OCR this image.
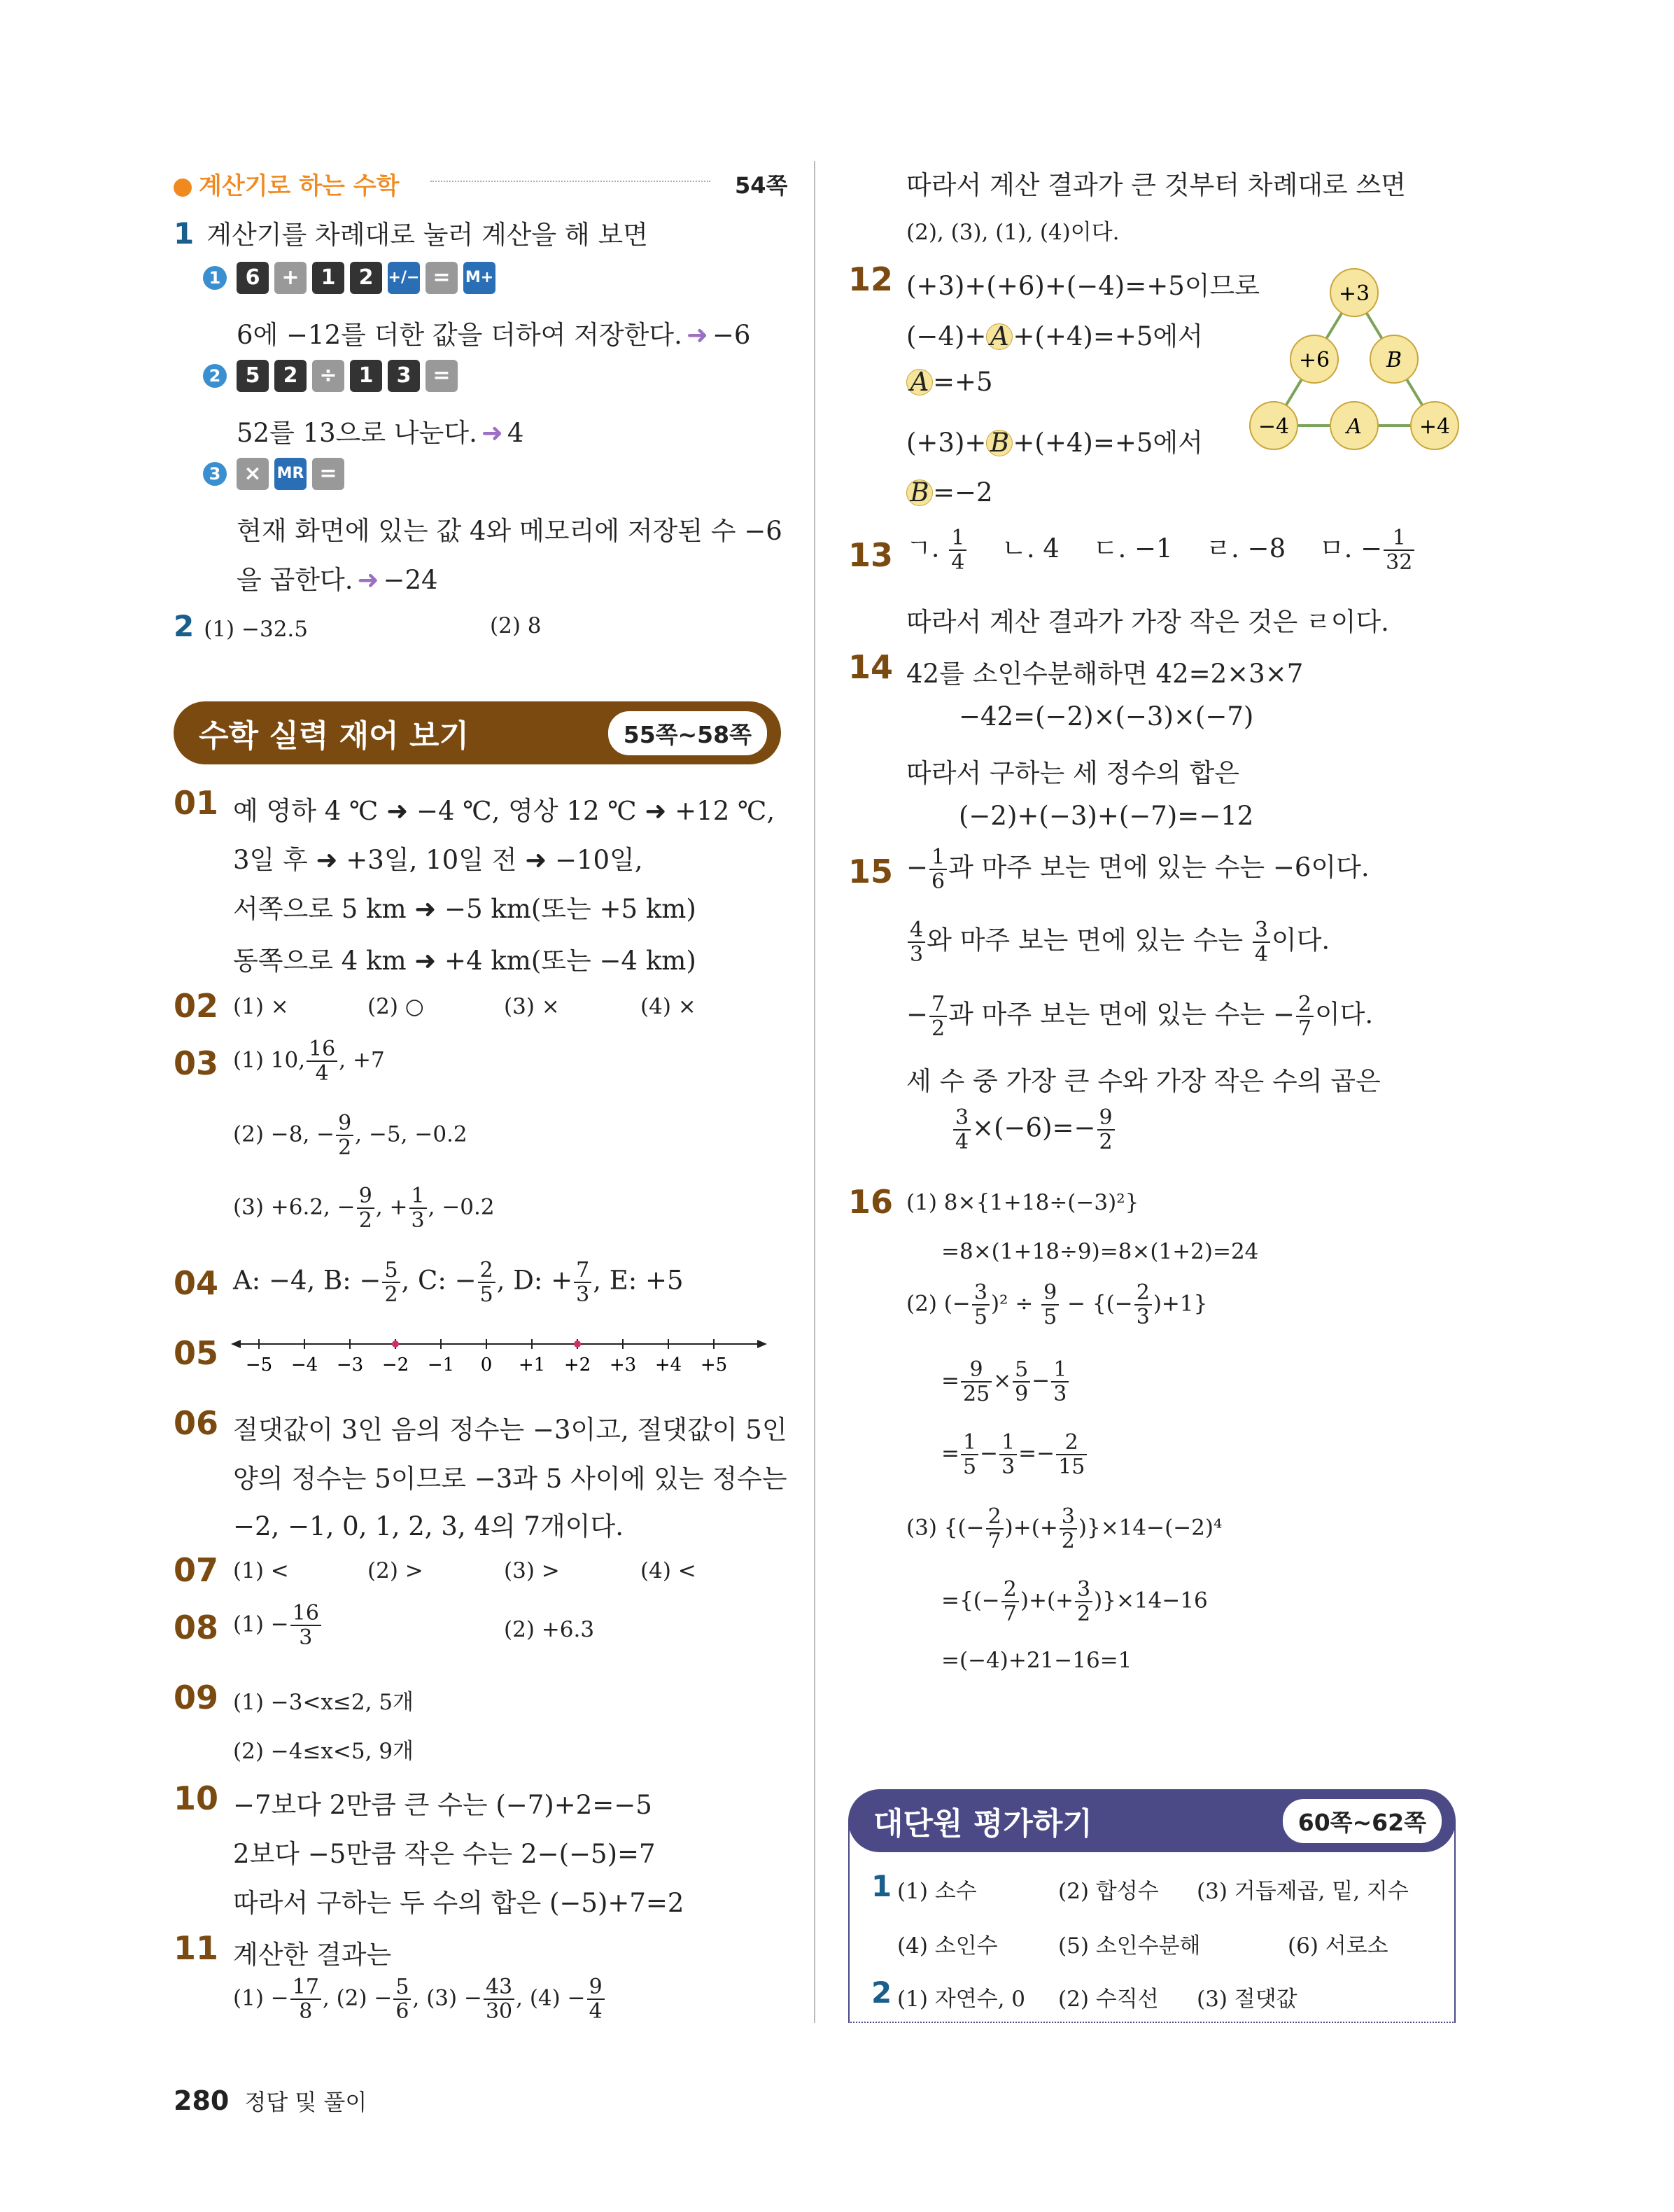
계산기로 하는 수학	54쪽
1 계산기를 차례대로 눌러 계산을 해 보면
1 6 + 1 2 +/− = M+
6에 −12를 더한 값을 더하여 저장한다. ➜ −6
2 5 2 ÷ 1 3 =
52를 13으로 나눈다. ➜ 4
3 × MR =
현재 화면에 있는 값 4와 메모리에 저장된 수 −6
을 곱한다. ➜ −24
2 (1) −32.5	(2) 8
수학 실력 재어 보기	55쪽~58쪽
01 예 영하 4 ℃ ➜ −4 ℃, 영상 12 ℃ ➜ +12 ℃,
3일 후 ➜ +3일, 10일 전 ➜ −10일,
서쪽으로 5 km ➜ −5 km(또는 +5 km)
동쪽으로 4 km ➜ +4 km(또는 −4 km)
02 (1) ×	(2) ○	(3) ×	(4) ×
03 (1) 10, $\frac{16}{4}$ , +7
(2) −8, − $\frac{9}{2}$ , −5, −0.2
(3) +6.2, − $\frac{9}{2}$ , + $\frac{1}{3}$ , −0.2
04 A: −4, B: − $\frac{5}{2}$ , C: − $\frac{2}{5}$ , D: + $\frac{7}{3}$ , E: +5
05 −5 −4 −3 −2 −1 0 +1 +2 +3 +4 +5
06 절댓값이 3인 음의 정수는 −3이고, 절댓값이 5인
양의 정수는 5이므로 −3과 5 사이에 있는 정수는
−2, −1, 0, 1, 2, 3, 4의 7개이다.
07 (1) <	(2) >	(3) >	(4) <
08 $(1) - \frac{16}{3}$	(2) +6.3
09 (1) −3<x≤2, 5개
(2) −4≤x<5, 9개
10 −7보다 2만큼 큰 수는 (−7)+2=−5
2보다 −5만큼 작은 수는 2−(−5)=7
따라서 구하는 두 수의 합은 (−5)+7=2
11 계산한 결과는
$(1) - \frac{17}{8}$ , $(2) - \frac{5}{6}$ , $(3) - \frac{43}{30}$ , $(4) - \frac{9}{4}$
따라서 계산 결과가 큰 것부터 차례대로 쓰면
(2), (3), (1), (4)이다.
12 (+3)+(+6)+(−4)=+5이므로
(−4)+ A +(+4)=+5에서
A =+5
(+3)+ B +(+4)=+5에서
B =−2
+3
+6	B
−4	A	+4
13 ㄱ. $\frac{1}{4}$ ㄴ. 4 ㄷ. −1 ㄹ. −8 ㅁ. − $\frac{1}{32}$
따라서 계산 결과가 가장 작은 것은 ㄹ이다.
14 42를 소인수분해하면 42=2×3×7
−42=(−2)×(−3)×(−7)
따라서 구하는 세 정수의 합은
(−2)+(−3)+(−7)=−12
$15 - \frac{1}{6}$ 과 마주 보는 면에 있는 수는 −6이다.
$\frac{4}{3}$ 와 마주 보는 면에 있는 수는 $\frac{3}{4}$ 이다.
− $\frac{7}{2}$ 과 마주 보는 면에 있는 수는 − $\frac{2}{7}$ 이다.
세 수 중 가장 큰 수와 가장 작은 수의 곱은
$\frac{3}{4} \times(-6)=- \frac{9}{2}$
16 (1) 8×{1+18÷(−3)²}
=8×(1+18÷9)=8×(1+2)=24
(2) (− $\frac{3}{5} )^2 \div \frac{9}{5}$ − {(− $\frac{2}{3} )+1$}
= $\frac{9}{25} \times \frac{5}{9} - \frac{1}{3}$
= $\frac{1}{5} - \frac{1}{3} =- \frac{2}{15}$
(3) {(− $\frac{2}{7}$ )+(+ $\frac{3}{2} )\}\times 14-(-2)^4$
={(− $\frac{2}{7}$ )+(+ $\frac{3}{2} )\}\times 14-16$
=(−4)+21−16=1
대단원 평가하기	60쪽~62쪽
1 (1) 소수	(2) 합성수 (3) 거듭제곱, 밑, 지수
(4) 소인수	(5) 소인수분해	(6) 서로소
2 (1) 자연수, 0 (2) 수직선 (3) 절댓값
280 정답 및 풀이
